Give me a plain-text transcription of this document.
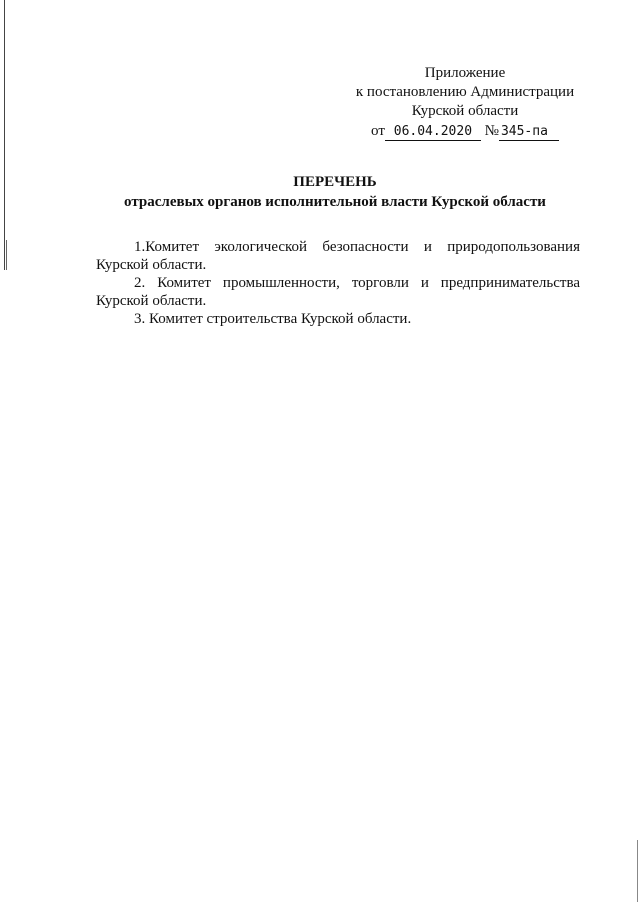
Приложение
к постановлению Администрации
Курской области
от 06.04.2020 № 345-па
ПЕРЕЧЕНЬ
отраслевых органов исполнительной власти Курской области

1.Комитет экологической безопасности и природопользования
Курской области.

2. Комитет промышленности, торговли и предпринимательства
Курской области.

3. Комитет строительства Курской области.
